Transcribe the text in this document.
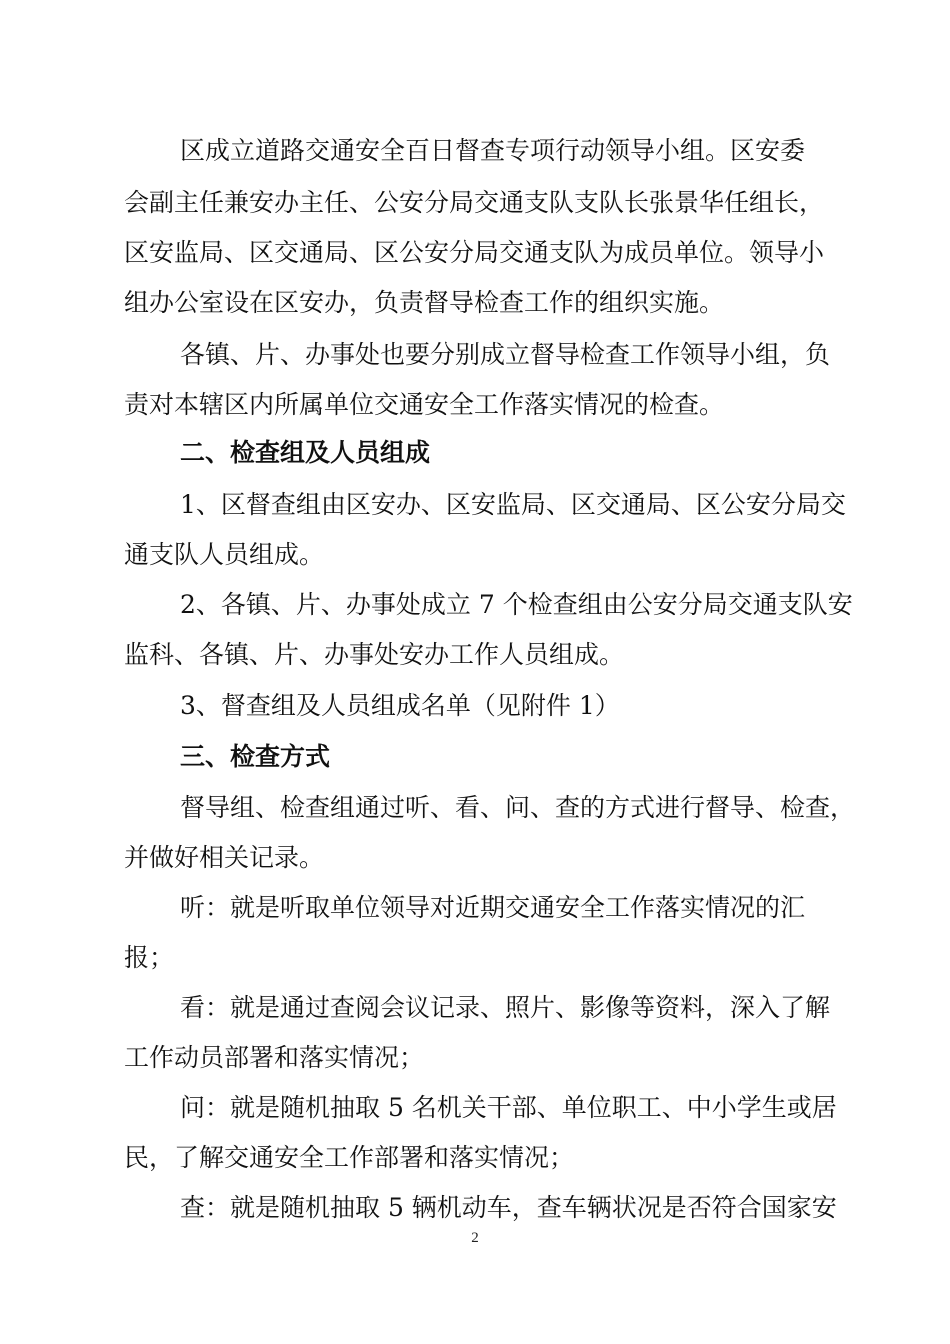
区成立道路交通安全百日督查专项行动领导小组。区安委
会副主任兼安办主任、公安分局交通支队支队长张景华任组长，
区安监局、区交通局、区公安分局交通支队为成员单位。领导小
组办公室设在区安办，负责督导检查工作的组织实施。
各镇、片、办事处也要分别成立督导检查工作领导小组，负
责对本辖区内所属单位交通安全工作落实情况的检查。
二、检查组及人员组成
1、区督查组由区安办、区安监局、区交通局、区公安分局交
通支队人员组成。
2、各镇、片、办事处成立 7 个检查组由公安分局交通支队安
监科、各镇、片、办事处安办工作人员组成。
3、督查组及人员组成名单（见附件 1）
三、检查方式
督导组、检查组通过听、看、问、查的方式进行督导、检查，
并做好相关记录。
听：就是听取单位领导对近期交通安全工作落实情况的汇
报；
看：就是通过查阅会议记录、照片、影像等资料，深入了解
工作动员部署和落实情况；
问：就是随机抽取 5 名机关干部、单位职工、中小学生或居
民，了解交通安全工作部署和落实情况；
查：就是随机抽取 5 辆机动车，查车辆状况是否符合国家安
2
